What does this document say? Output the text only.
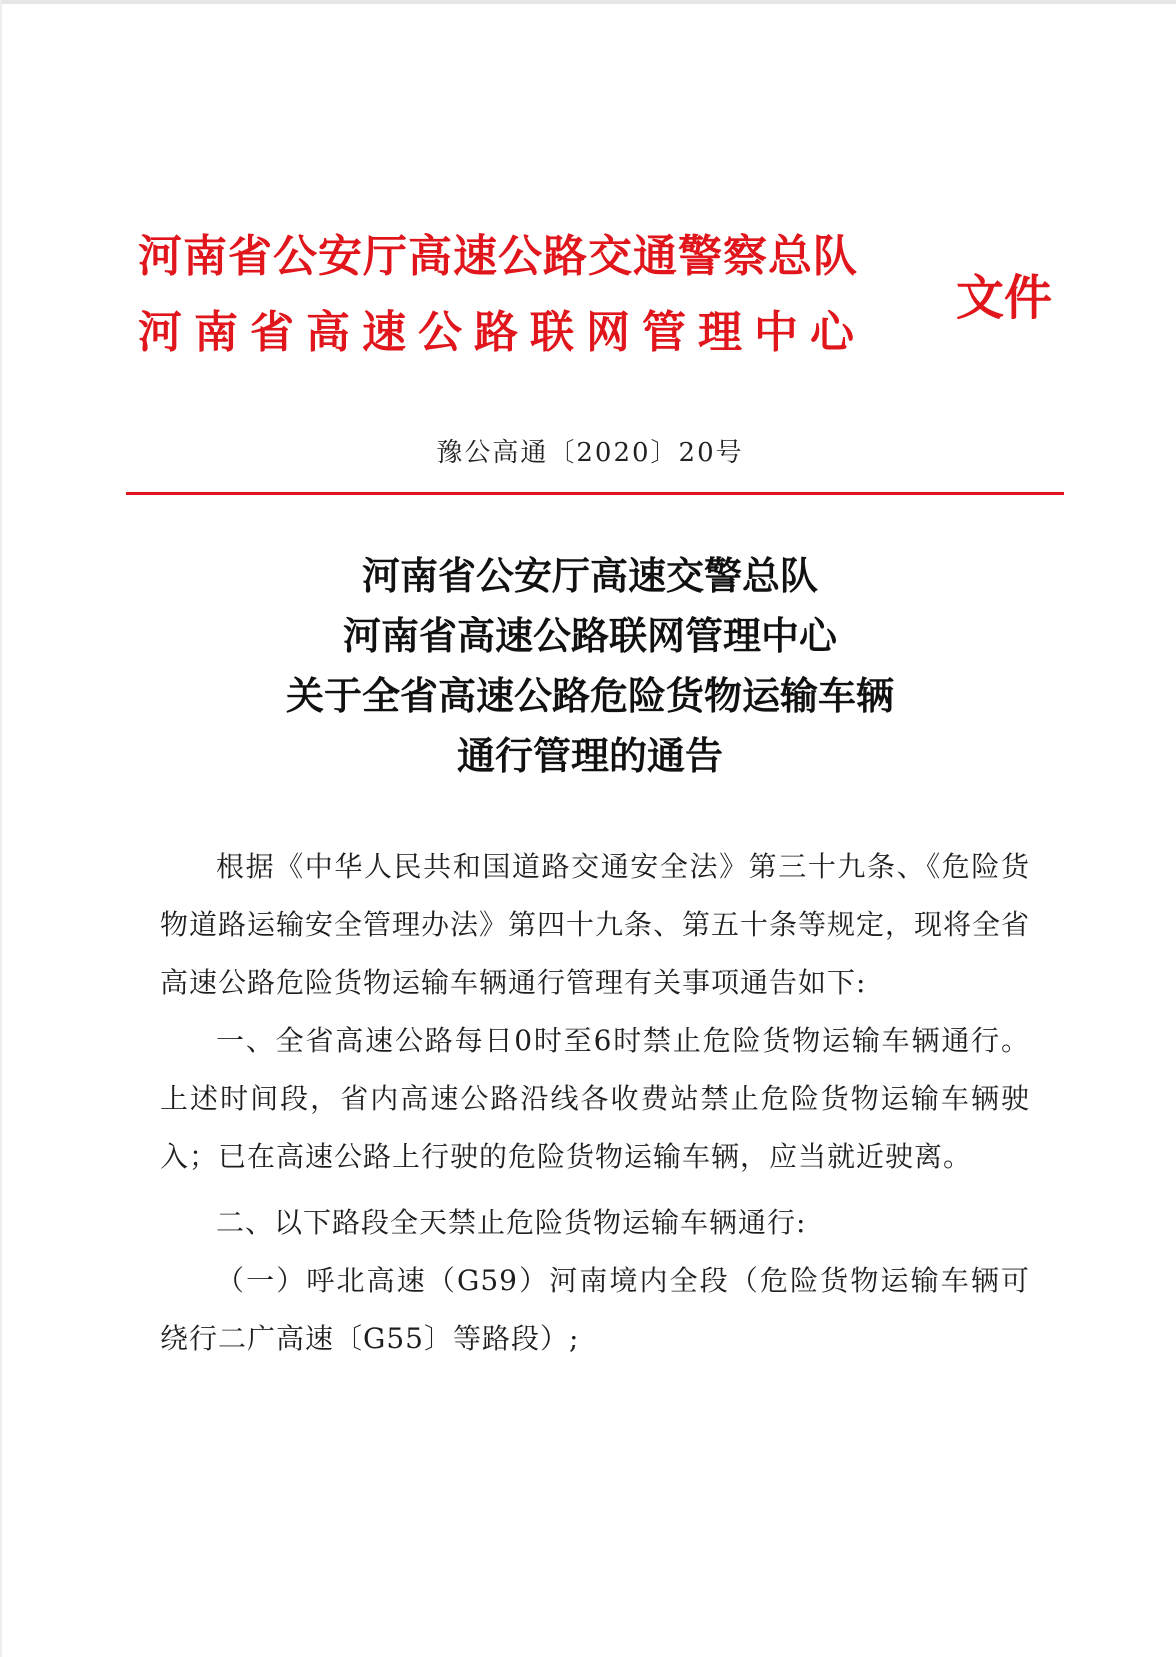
河南省公安厅高速公路交通警察总队
河南省高速公路联网管理中心
文件
豫公高通〔2020〕20号
河南省公安厅高速交警总队
河南省高速公路联网管理中心
关于全省高速公路危险货物运输车辆
通行管理的通告

根据《中华人民共和国道路交通安全法》第三十九条、《危险货物道路运输安全管理办法》第四十九条、第五十条等规定，现将全省高速公路危险货物运输车辆通行管理有关事项通告如下:

一、全省高速公路每日0时至6时禁止危险货物运输车辆通行。上述时间段，省内高速公路沿线各收费站禁止危险货物运输车辆驶入；已在高速公路上行驶的危险货物运输车辆，应当就近驶离。

二、以下路段全天禁止危险货物运输车辆通行:

（一）呼北高速（G59）河南境内全段（危险货物运输车辆可绕行二广高速〔G55〕等路段）;
